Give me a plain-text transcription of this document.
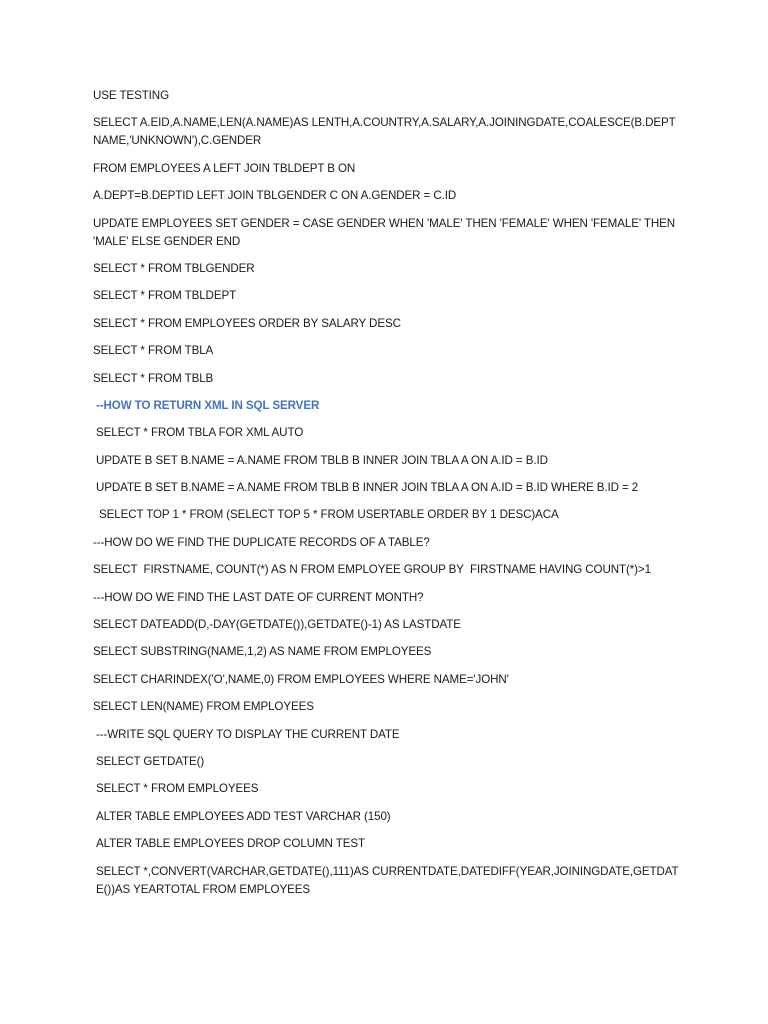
USE TESTING
SELECT A.EID,A.NAME,LEN(A.NAME)AS LENTH,A.COUNTRY,A.SALARY,A.JOININGDATE,COALESCE(B.DEPTNAME,'UNKNOWN'),C.GENDER
FROM EMPLOYEES A LEFT JOIN TBLDEPT B ON
A.DEPT=B.DEPTID LEFT JOIN TBLGENDER C ON A.GENDER = C.ID
UPDATE EMPLOYEES SET GENDER = CASE GENDER WHEN 'MALE' THEN 'FEMALE' WHEN 'FEMALE' THEN 'MALE' ELSE GENDER END
SELECT * FROM TBLGENDER
SELECT * FROM TBLDEPT
SELECT * FROM EMPLOYEES ORDER BY SALARY DESC
SELECT * FROM TBLA
SELECT * FROM TBLB
--HOW TO RETURN XML IN SQL SERVER
SELECT * FROM TBLA FOR XML AUTO
UPDATE B SET B.NAME = A.NAME FROM TBLB B INNER JOIN TBLA A ON A.ID = B.ID
UPDATE B SET B.NAME = A.NAME FROM TBLB B INNER JOIN TBLA A ON A.ID = B.ID WHERE B.ID = 2
SELECT TOP 1 * FROM (SELECT TOP 5 * FROM USERTABLE ORDER BY 1 DESC)ACA
---HOW DO WE FIND THE DUPLICATE RECORDS OF A TABLE?
SELECT  FIRSTNAME, COUNT(*) AS N FROM EMPLOYEE GROUP BY  FIRSTNAME HAVING COUNT(*)>1
---HOW DO WE FIND THE LAST DATE OF CURRENT MONTH?
SELECT DATEADD(D,-DAY(GETDATE()),GETDATE()-1) AS LASTDATE
SELECT SUBSTRING(NAME,1,2) AS NAME FROM EMPLOYEES
SELECT CHARINDEX('O',NAME,0) FROM EMPLOYEES WHERE NAME='JOHN'
SELECT LEN(NAME) FROM EMPLOYEES
---WRITE SQL QUERY TO DISPLAY THE CURRENT DATE
SELECT GETDATE()
SELECT * FROM EMPLOYEES
ALTER TABLE EMPLOYEES ADD TEST VARCHAR (150)
ALTER TABLE EMPLOYEES DROP COLUMN TEST
SELECT *,CONVERT(VARCHAR,GETDATE(),111)AS CURRENTDATE,DATEDIFF(YEAR,JOININGDATE,GETDATE())AS YEARTOTAL FROM EMPLOYEES
